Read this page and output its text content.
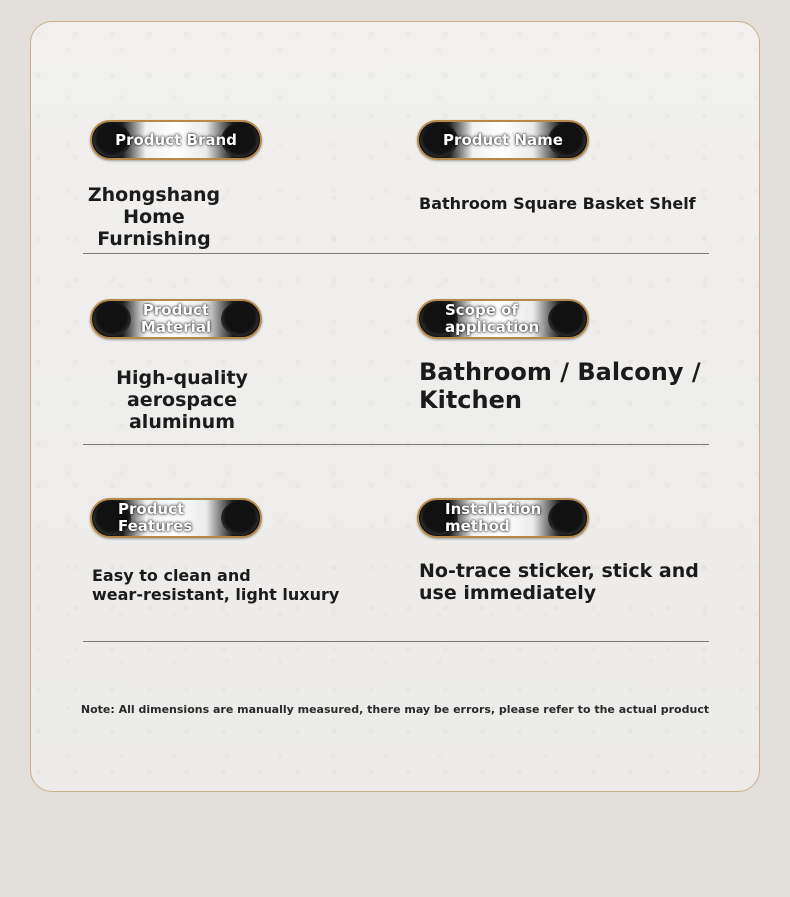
Product Brand
Zhongshang
Home Furnishing
Product Name
Bathroom Square Basket Shelf
Product
Material
High-quality
aerospace aluminum
Scope of
application
Bathroom / Balcony /
Kitchen
Product
Features
Easy to clean and
wear-resistant, light luxury
Installation
method
No-trace sticker, stick and
use immediately
Note: All dimensions are manually measured, there may be errors, please refer to the actual product
